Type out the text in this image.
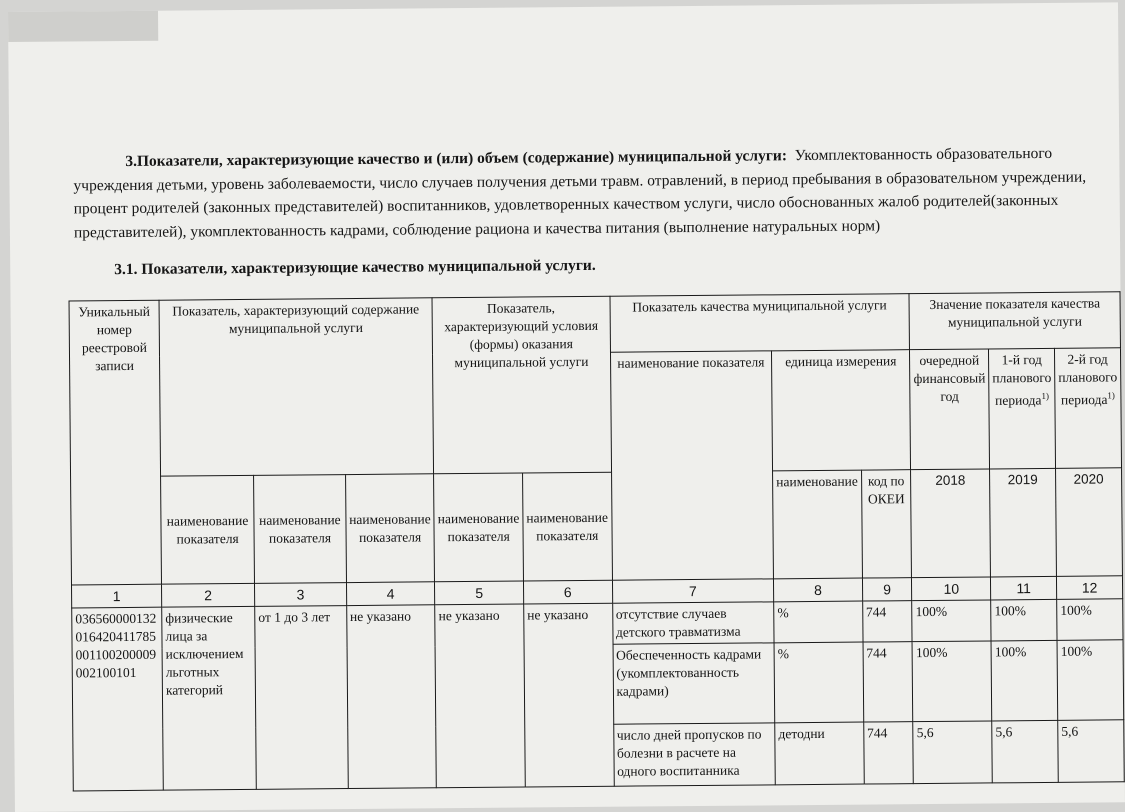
3.Показатели, характеризующие качество и (или) объем (содержание) муниципальной услуги: Укомплектованность образовательного учреждения детьми, уровень заболеваемости, число случаев получения детьми травм. отравлений, в период пребывания в образовательном учреждении, процент родителей (законных представителей) воспитанников, удовлетворенных качеством услуги, число обоснованных жалоб родителей(законных представителей), укомплектованность кадрами, соблюдение рациона и качества питания (выполнение натуральных норм)
3.1. Показатели, характеризующие качество муниципальной услуги.
Уникальный номер реестровой записи	Показатель, характеризующий содержание муниципальной услуги			Показатель, характеризующий условия (формы) оказания муниципальной услуги		Показатель качества муниципальной услуги			Значение показателя качества муниципальной услуги		
						наименование показателя	единица измерения		очередной финансовый год	1-й год планового периода$^{1)}$	2-й год планового периода$^{1)}$
	наименование показателя	наименование показателя	наименование показателя	наименование показателя	наименование показателя		наименование	код по ОКЕИ	2018	2019	2020
1	2	3	4	5	6	7	8	9	10	11	12
036560000132016420411785001100200009002100101	физические лица за исключением льготных категорий	от 1 до 3 лет	не указано	не указано	не указано	отсутствие случаев детского травматизма	%	744	100%	100%	100%
						Обеспеченность кадрами (укомплектованность кадрами)	%	744	100%	100%	100%
						число дней пропусков по болезни в расчете на одного воспитанника	детодни	744	5,6	5,6	5,6
